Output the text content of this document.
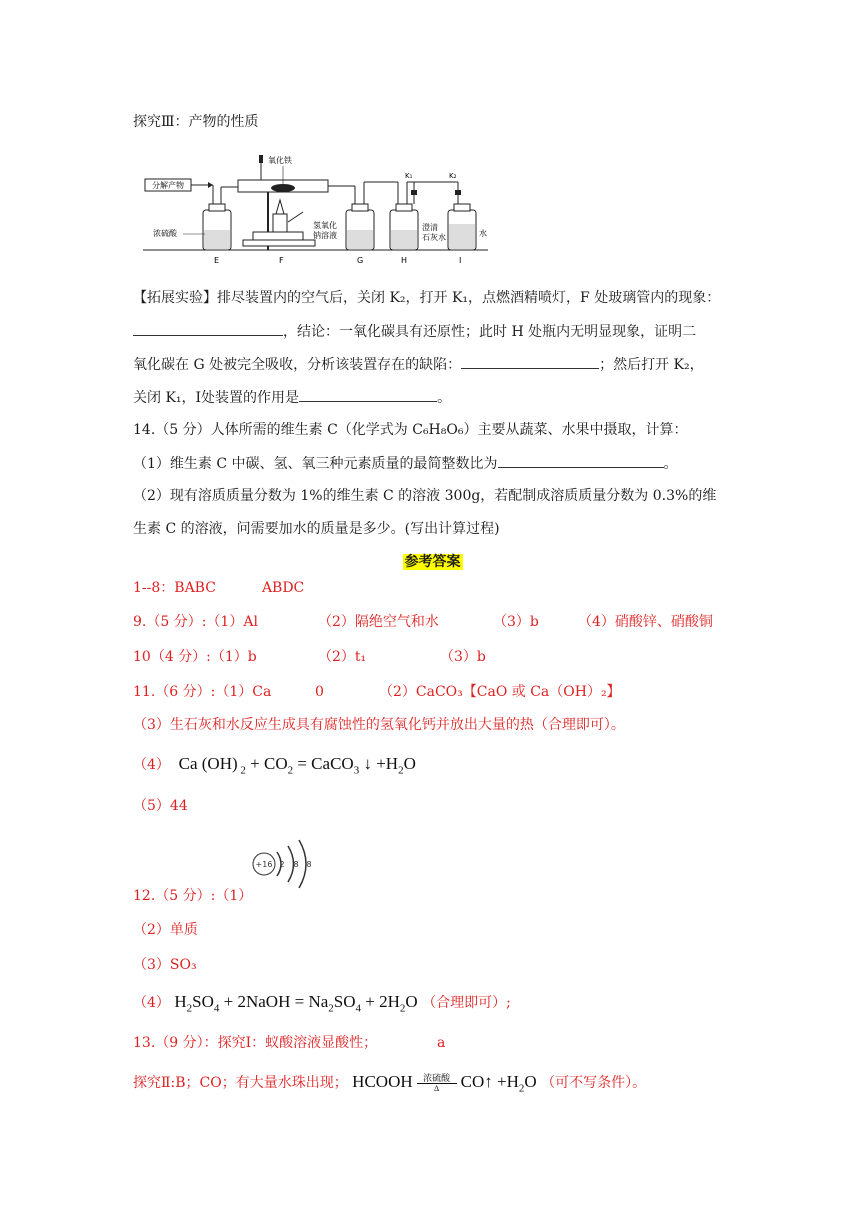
探究Ⅲ：产物的性质
分解产物
浓硫酸
氧化铁
氢氧化
钠溶液
K₁
澄清
石灰水
K₂
水
E	F	G	H	I
【拓展实验】排尽装置内的空气后，关闭 K₂，打开 K₁，点燃酒精喷灯，F 处玻璃管内的现象：
，结论：一氧化碳具有还原性；此时 H 处瓶内无明显现象，证明二
氧化碳在 G 处被完全吸收，分析该装置存在的缺陷：	；然后打开 K₂，
关闭 K₁，Ⅰ处装置的作用是	。
14.（5 分）人体所需的维生素 C（化学式为 C₆H₈O₆）主要从蔬菜、水果中摄取，计算：
（1）维生素 C 中碳、氢、氧三种元素质量的最简整数比为	。
（2）现有溶质质量分数为 1%的维生素 C 的溶液 300g，若配制成溶质质量分数为 0.3%的维
生素 C 的溶液，问需要加水的质量是多少。(写出计算过程)
参考答案
1--8：BABC	ABDC
9.（5 分）:（1）Al	（2）隔绝空气和水	（3）b	（4）硝酸锌、硝酸铜
10（4 分）:（1）b	（2）t₁	（3）b
11.（6 分）:（1）Ca	0	（2）CaCO₃【CaO 或 Ca（OH）₂】
（3）生石灰和水反应生成具有腐蚀性的氢氧化钙并放出大量的热（合理即可）。
（4）  Ca (OH) $_2 + CO_2$ = CaCO$_3$ ↓ $+H_2O$
（5）44
+16 2 8 8
12.（5 分）:（1）
（2）单质
（3）SO₃
（4） $H_2SO_4$ + 2NaOH = $Na_2SO_4 + 2H_2O$ （合理即可）;
13.（9 分）：探究Ⅰ：蚁酸溶液显酸性；	a
探究Ⅱ:B；CO；有大量水珠出现； HCOOH	浓硫酸
Δ	CO↑ $+H_2O$ （可不写条件）。
